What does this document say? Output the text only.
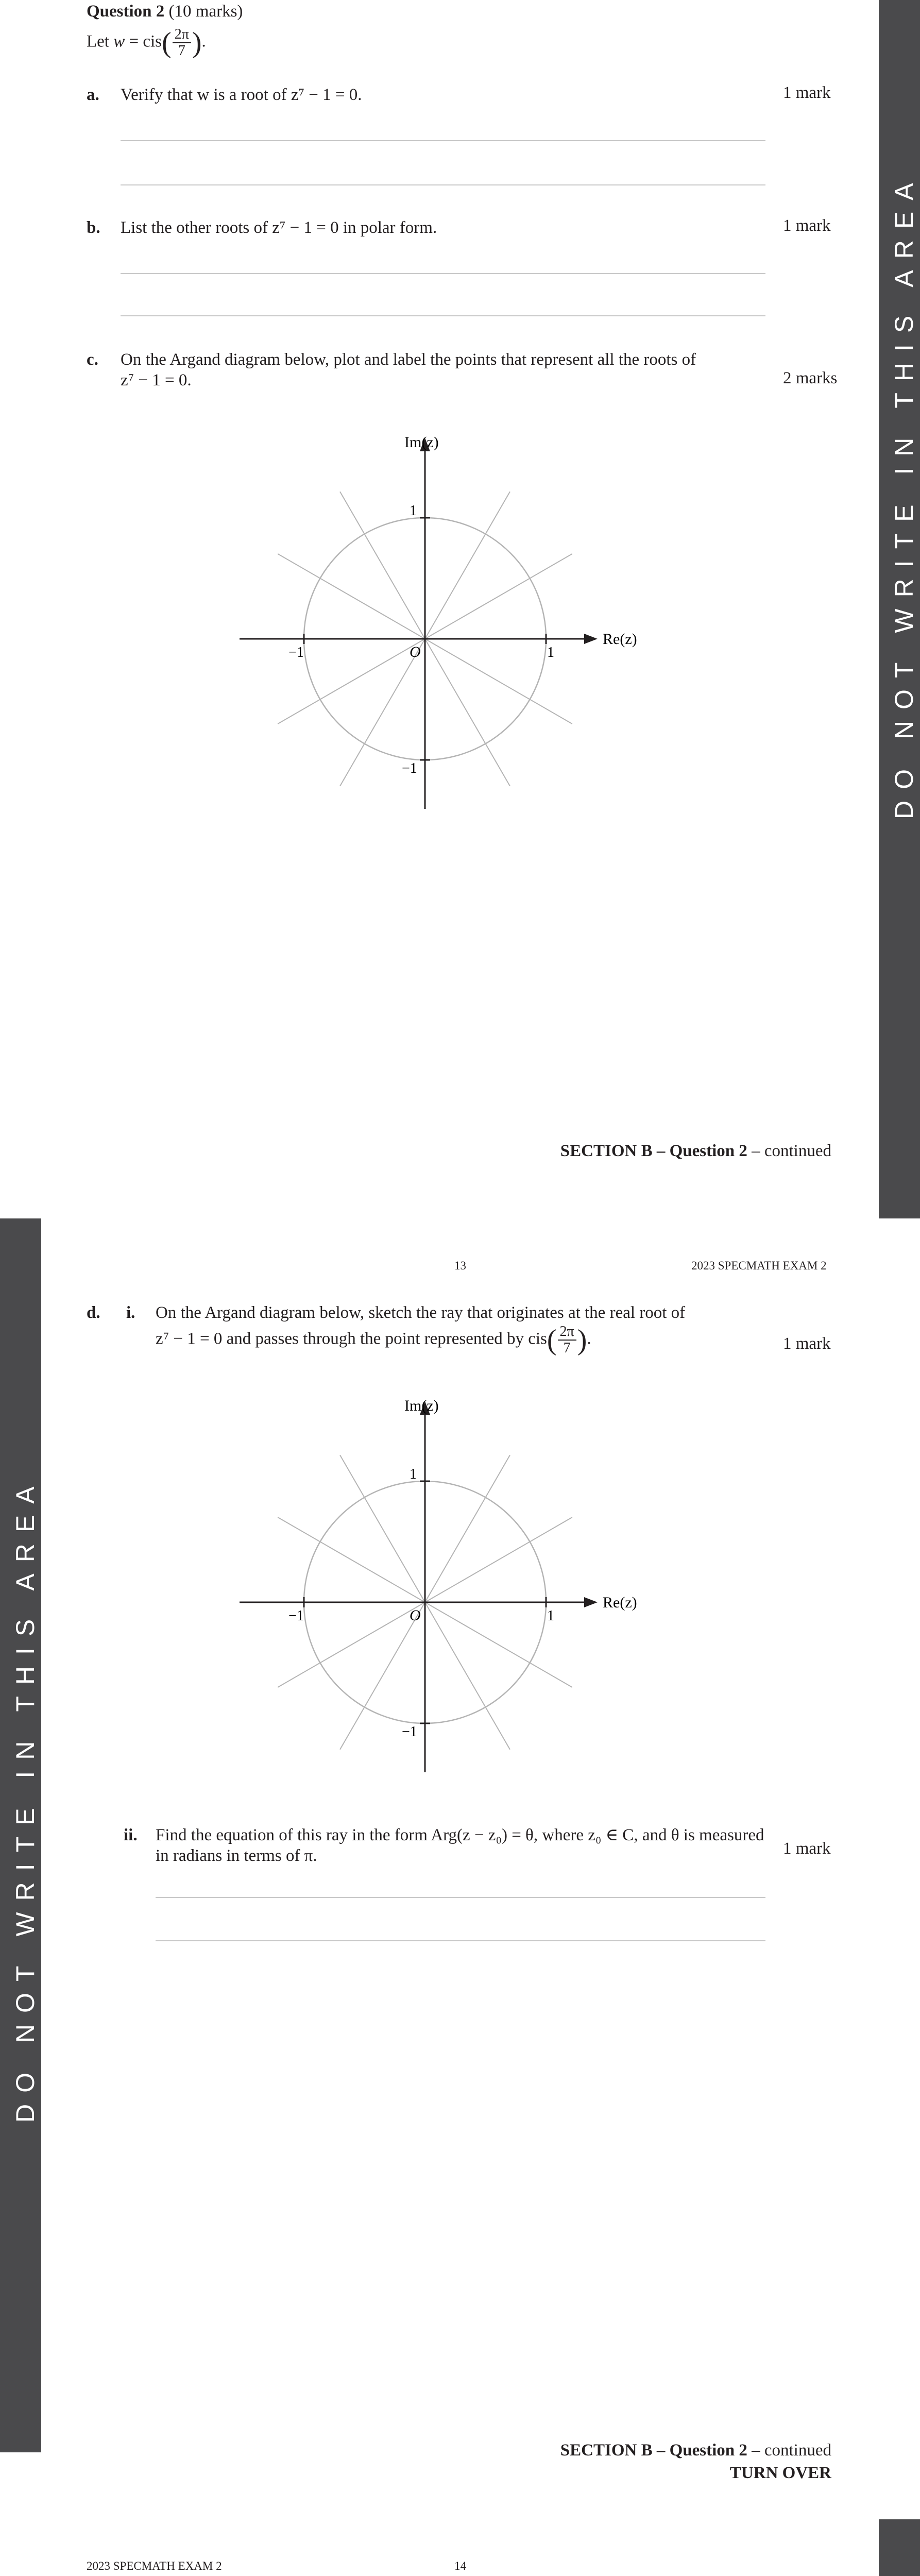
DO NOT WRITE IN THIS AREA
Question 2 (10 marks)
Let $w = cis( \frac{2\pi}{7}$ ).
a. Verify that w is a root of z⁷ − 1 = 0.	1 mark
b. List the other roots of z⁷ − 1 = 0 in polar form.	1 mark
c. On the Argand diagram below, plot and label the points that represent all the roots of
z⁷ − 1 = 0.	2 marks
Im(z)
Re(z)
1
−1
1
−1
O
SECTION B – Question 2 – continued
13	2023 SPECMATH EXAM 2
DO NOT WRITE IN THIS AREA
d. i. On the Argand diagram below, sketch the ray that originates at the real root of
z⁷ − 1 = 0 and passes through the point represented by $cis( \frac{2\pi}{7}$ ).	1 mark
Im(z)
Re(z)
1
−1
1
−1
O
ii. Find the equation of this ray in the form Arg(z − z₀) = θ, where z₀ ∈ C, and θ is measured
in radians in terms of π.	1 mark
SECTION B – Question 2 – continued
TURN OVER
2023 SPECMATH EXAM 2	14
